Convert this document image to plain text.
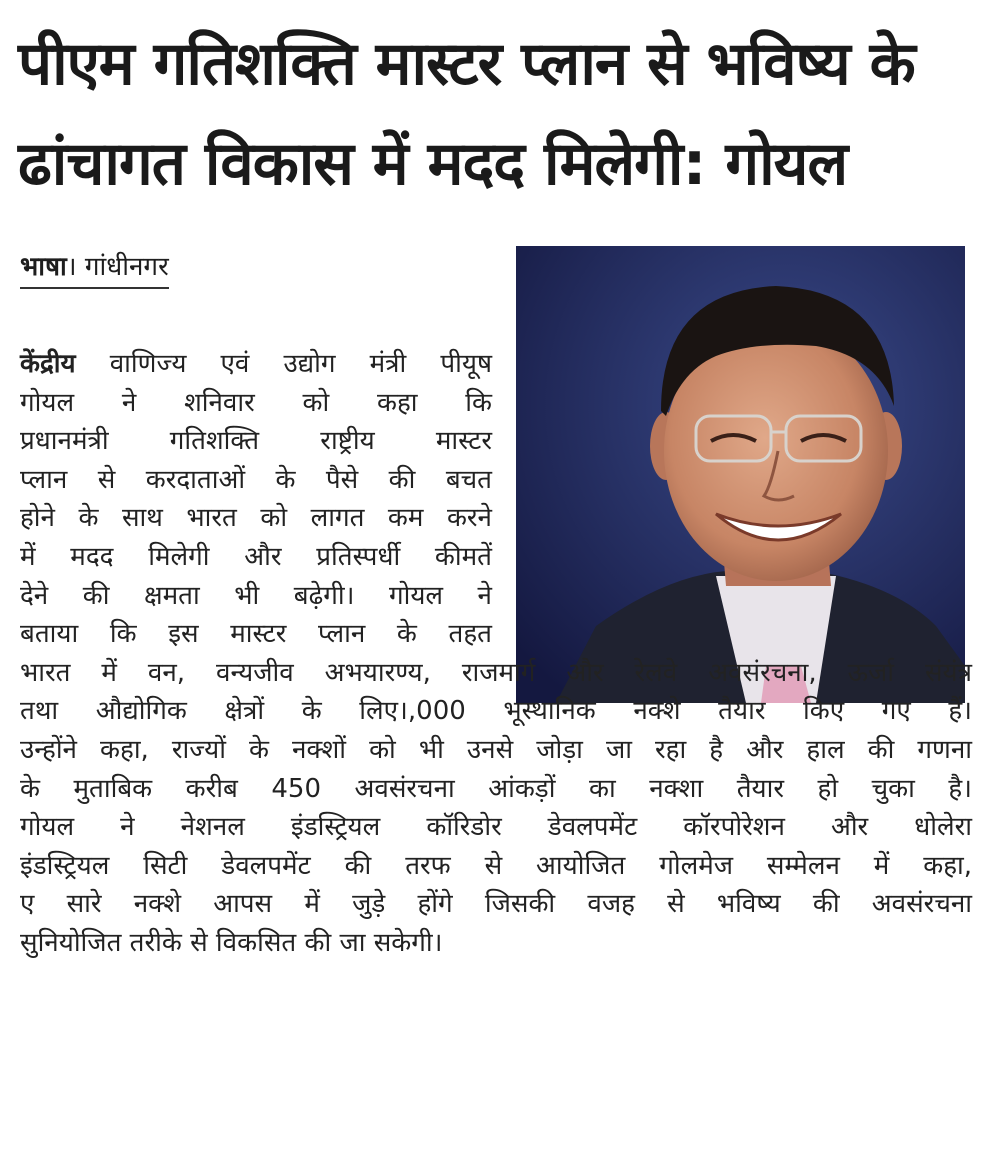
पीएम गतिशक्ति मास्टर प्लान से भविष्य के
ढांचागत विकास में मदद मिलेगी: गोयल
भाषा। गांधीनगर

केंद्रीय वाणिज्य एवं उद्योग मंत्री पीयूष
गोयल ने शनिवार को कहा कि
प्रधानमंत्री गतिशक्ति राष्ट्रीय मास्टर
प्लान से करदाताओं के पैसे की बचत
होने के साथ भारत को लागत कम करने
में मदद मिलेगी और प्रतिस्पर्धी कीमतें
देने की क्षमता भी बढ़ेगी। गोयल ने
बताया कि इस मास्टर प्लान के तहत

भारत में वन, वन्यजीव अभयारण्य, राजमार्ग और रेलवे अवसंरचना, ऊर्जा संयंत्र
तथा औद्योगिक क्षेत्रों के लिए।,000 भूस्थानिक नक्शे तैयार किए गए हैं।
उन्होंने कहा, राज्यों के नक्शों को भी उनसे जोड़ा जा रहा है और हाल की गणना
के मुताबिक करीब 450 अवसंरचना आंकड़ों का नक्शा तैयार हो चुका है।
गोयल ने नेशनल इंडस्ट्रियल कॉरिडोर डेवलपमेंट कॉरपोरेशन और धोलेरा
इंडस्ट्रियल सिटी डेवलपमेंट की तरफ से आयोजित गोलमेज सम्मेलन में कहा,
ए सारे नक्शे आपस में जुड़े होंगे जिसकी वजह से भविष्य की अवसंरचना
सुनियोजित तरीके से विकसित की जा सकेगी।
